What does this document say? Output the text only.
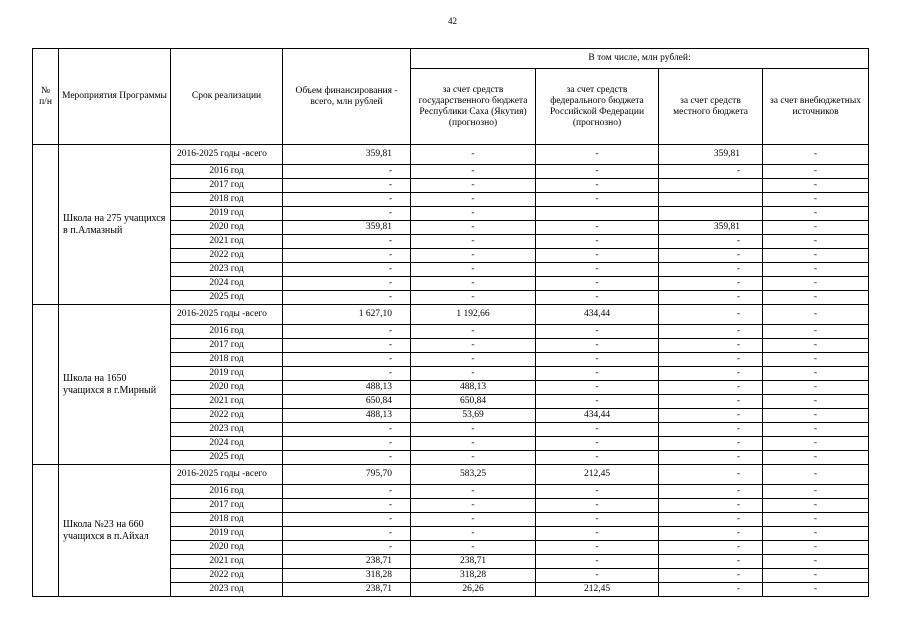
42
№ п/н	Мероприятия Программы	Срок реализации	Объем финансирования - всего, млн рублей	В том числе, млн рублей:			
				за счет средств государственного бюджета Республики Саха (Якутия) (прогнозно)	за счет средств федерального бюджета Российской Федерации (прогнозно)	за счет средств местного бюджета	за счет внебюджетных источников
	Школа на 275 учащихся в п.Алмазный	2016-2025 годы -всего	359,81	-	-	359,81	-
		2016 год	-	-	-	-	-
		2017 год	-	-	-		-
		2018 год	-	-	-		-
		2019 год	-	-			-
		2020 год	359,81	-	-	359,81	-
		2021 год	-	-	-	-	-
		2022 год	-	-	-	-	-
		2023 год	-	-	-	-	-
		2024 год	-	-	-	-	-
		2025 год	-	-	-	-	-
	Школа на 1650 учащихся в г.Мирный	2016-2025 годы -всего	1 627,10	1 192,66	434,44	-	-
		2016 год	-	-	-	-	-
		2017 год	-	-	-	-	-
		2018 год	-	-	-	-	-
		2019 год	-	-	-	-	-
		2020 год	488,13	488,13	-	-	-
		2021 год	650,84	650,84	-	-	-
		2022 год	488,13	53,69	434,44	-	-
		2023 год	-	-	-	-	-
		2024 год	-	-	-	-	-
		2025 год	-	-	-	-	-
	Школа №23 на 660 учащихся в п.Айхал	2016-2025 годы -всего	795,70	583,25	212,45	-	-
		2016 год	-	-	-	-	-
		2017 год	-	-	-	-	-
		2018 год	-	-	-	-	-
		2019 год	-	-	-	-	-
		2020 год	-	-	-	-	-
		2021 год	238,71	238,71	-	-	-
		2022 год	318,28	318,28	-	-	-
		2023 год	238,71	26,26	212,45	-	-
